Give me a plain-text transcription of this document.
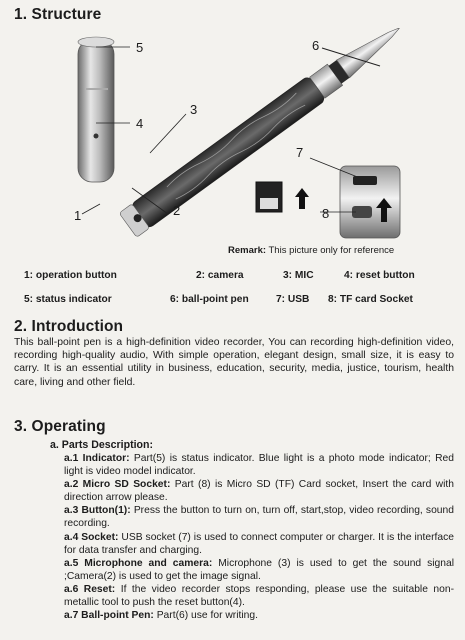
1. Structure
1	2
3
4
5	6
7
8
Remark: This picture only for reference
1: operation button	2: camera	3: MIC	4: reset button
5: status indicator	6: ball-point pen	7: USB 8: TF card Socket
2. Introduction
This ball-point pen is a high-definition video recorder, You can recording high-definition video, recording high-quality audio, With simple operation, elegant design, small size, it is easy to carry. It is an essential utility in business, education, security, media, justice, tourism, health care, living and other field.
3. Operating
a. Parts Description:

a.1 Indicator: Part(5) is status indicator. Blue light is a photo mode indicator; Red light is video model indicator.

a.2 Micro SD Socket: Part (8) is Micro SD (TF) Card socket, Insert the card with direction arrow please.

a.3 Button(1): Press the button to turn on, turn off, start,stop, video recording, sound recording.

a.4 Socket: USB socket (7) is used to connect computer or charger. It is the interface for data transfer and charging.

a.5 Microphone and camera: Microphone (3) is used to get the sound signal ;Camera(2) is used to get the image signal.

a.6 Reset: If the video recorder stops responding, please use the suitable non-metallic tool to push the reset button(4).

a.7 Ball-point Pen: Part(6) use for writing.
